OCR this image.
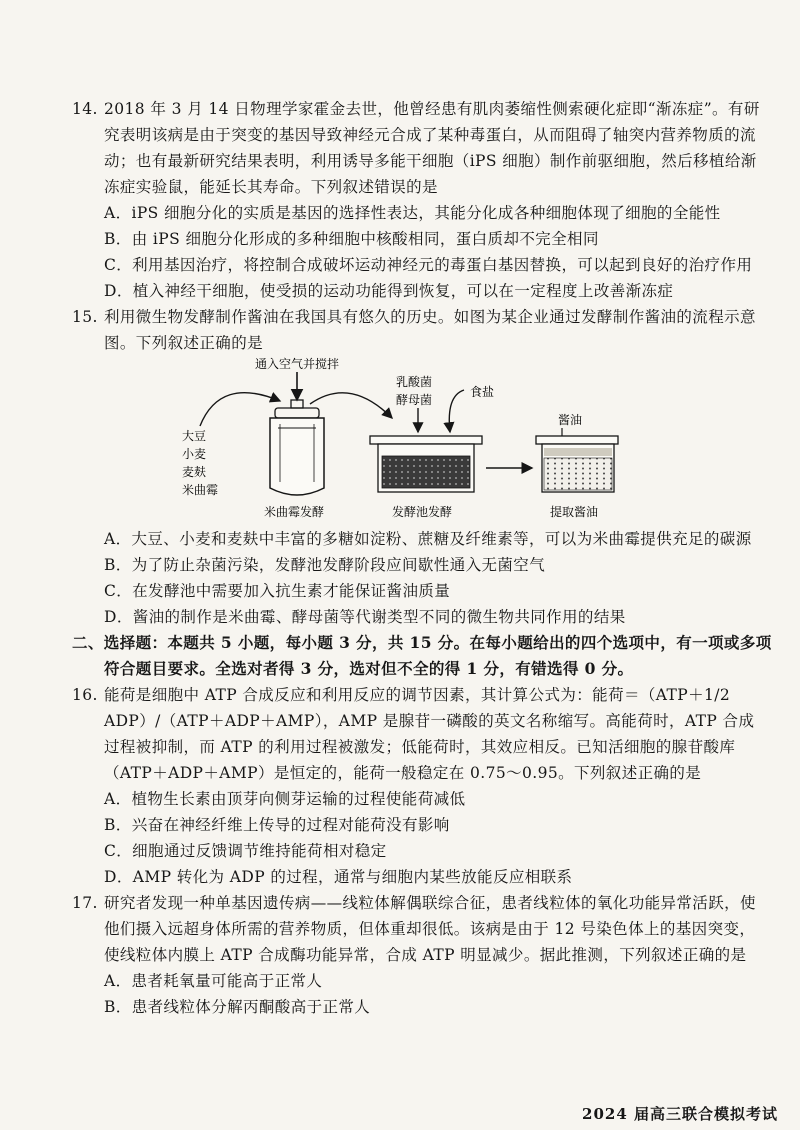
14. 2018 年 3 月 14 日物理学家霍金去世，他曾经患有肌肉萎缩性侧索硬化症即“渐冻症”。有研
究表明该病是由于突变的基因导致神经元合成了某种毒蛋白，从而阻碍了轴突内营养物质的流
动；也有最新研究结果表明，利用诱导多能干细胞（iPS 细胞）制作前驱细胞，然后移植给渐
冻症实验鼠，能延长其寿命。下列叙述错误的是
A．iPS 细胞分化的实质是基因的选择性表达，其能分化成各种细胞体现了细胞的全能性
B．由 iPS 细胞分化形成的多种细胞中核酸相同，蛋白质却不完全相同
C．利用基因治疗，将控制合成破坏运动神经元的毒蛋白基因替换，可以起到良好的治疗作用
D．植入神经干细胞，使受损的运动功能得到恢复，可以在一定程度上改善渐冻症
15. 利用微生物发酵制作酱油在我国具有悠久的历史。如图为某企业通过发酵制作酱油的流程示意
图。下列叙述正确的是
通入空气并搅拌
大豆
小麦
麦麸
米曲霉
乳酸菌
酵母菌
食盐
酱油
米曲霉发酵	发酵池发酵	提取酱油
A．大豆、小麦和麦麸中丰富的多糖如淀粉、蔗糖及纤维素等，可以为米曲霉提供充足的碳源
B．为了防止杂菌污染，发酵池发酵阶段应间歇性通入无菌空气
C．在发酵池中需要加入抗生素才能保证酱油质量
D．酱油的制作是米曲霉、酵母菌等代谢类型不同的微生物共同作用的结果
二、选择题：本题共 5 小题，每小题 3 分，共 15 分。在每小题给出的四个选项中，有一项或多项
符合题目要求。全选对者得 3 分，选对但不全的得 1 分，有错选得 0 分。
16. 能荷是细胞中 ATP 合成反应和利用反应的调节因素，其计算公式为：能荷＝（ATP＋1/2
ADP）/（ATP＋ADP＋AMP），AMP 是腺苷一磷酸的英文名称缩写。高能荷时，ATP 合成
过程被抑制，而 ATP 的利用过程被激发；低能荷时，其效应相反。已知活细胞的腺苷酸库
（ATP＋ADP＋AMP）是恒定的，能荷一般稳定在 0.75～0.95。下列叙述正确的是
A．植物生长素由顶芽向侧芽运输的过程使能荷减低
B．兴奋在神经纤维上传导的过程对能荷没有影响
C．细胞通过反馈调节维持能荷相对稳定
D．AMP 转化为 ADP 的过程，通常与细胞内某些放能反应相联系
17. 研究者发现一种单基因遗传病——线粒体解偶联综合征，患者线粒体的氧化功能异常活跃，使
他们摄入远超身体所需的营养物质，但体重却很低。该病是由于 12 号染色体上的基因突变，
使线粒体内膜上 ATP 合成酶功能异常，合成 ATP 明显减少。据此推测，下列叙述正确的是
A．患者耗氧量可能高于正常人
B．患者线粒体分解丙酮酸高于正常人
2024 届高三联合模拟考试
